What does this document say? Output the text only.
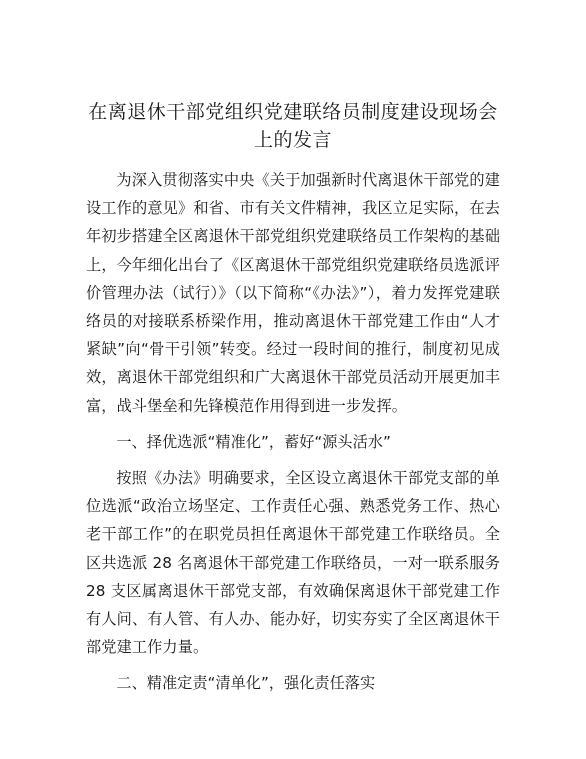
在离退休干部党组织党建联络员制度建设现场会上的发言

为深入贯彻落实中央《关于加强新时代离退休干部党的建设工作的意见》和省、市有关文件精神，我区立足实际，在去年初步搭建全区离退休干部党组织党建联络员工作架构的基础上，今年细化出台了《区离退休干部党组织党建联络员选派评价管理办法（试行）》（以下简称“《办法》”），着力发挥党建联络员的对接联系桥梁作用，推动离退休干部党建工作由“人才紧缺”向“骨干引领”转变。经过一段时间的推行，制度初见成效，离退休干部党组织和广大离退休干部党员活动开展更加丰富，战斗堡垒和先锋模范作用得到进一步发挥。

一、择优选派“精准化”，蓄好“源头活水”

按照《办法》明确要求，全区设立离退休干部党支部的单位选派“政治立场坚定、工作责任心强、熟悉党务工作、热心老干部工作”的在职党员担任离退休干部党建工作联络员。全区共选派 28 名离退休干部党建工作联络员，一对一联系服务 28 支区属离退休干部党支部，有效确保离退休干部党建工作有人问、有人管、有人办、能办好，切实夯实了全区离退休干部党建工作力量。

二、精准定责“清单化”，强化责任落实
